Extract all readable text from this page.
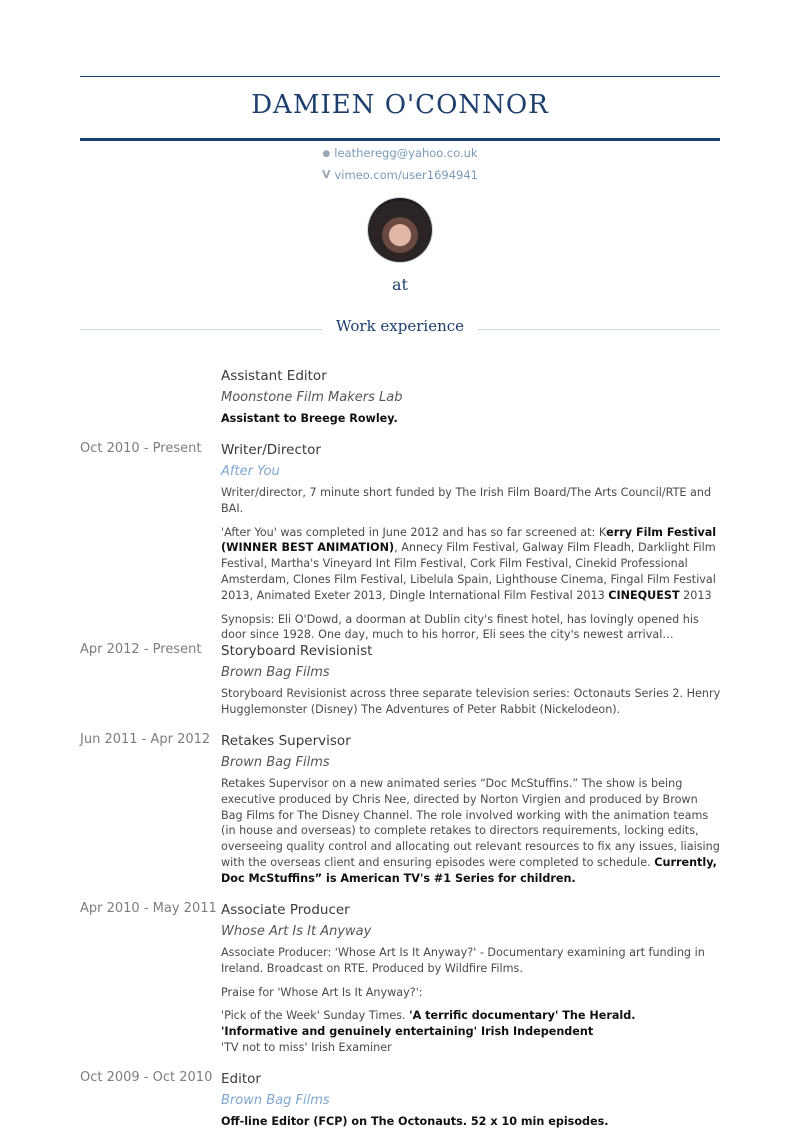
DAMIEN O'CONNOR
● leatheregg@yahoo.co.uk
V vimeo.com/user1694941
at
Work experience
Assistant Editor
Moonstone Film Makers Lab
Assistant to Breege Rowley.
Oct 2010 - Present	Writer/Director
After You
Writer/director, 7 minute short funded by The Irish Film Board/The Arts Council/RTE and BAI.
'After You' was completed in June 2012 and has so far screened at: Kerry Film Festival (WINNER BEST ANIMATION), Annecy Film Festival, Galway Film Fleadh, Darklight Film Festival, Martha's Vineyard Int Film Festival, Cork Film Festival, Cinekid Professional Amsterdam, Clones Film Festival, Libelula Spain, Lighthouse Cinema, Fingal Film Festival 2013, Animated Exeter 2013, Dingle International Film Festival 2013 CINEQUEST 2013
Synopsis: Eli O'Dowd, a doorman at Dublin city's finest hotel, has lovingly opened his door since 1928. One day, much to his horror, Eli sees the city's newest arrival…
Apr 2012 - Present	Storyboard Revisionist
Brown Bag Films
Storyboard Revisionist across three separate television series: Octonauts Series 2. Henry Hugglemonster (Disney) The Adventures of Peter Rabbit (Nickelodeon).
Jun 2011 - Apr 2012 Retakes Supervisor
Brown Bag Films
Retakes Supervisor on a new animated series “Doc McStuffins.” The show is being executive produced by Chris Nee, directed by Norton Virgien and produced by Brown Bag Films for The Disney Channel. The role involved working with the animation teams (in house and overseas) to complete retakes to directors requirements, locking edits, overseeing quality control and allocating out relevant resources to fix any issues, liaising with the overseas client and ensuring episodes were completed to schedule. Currently, Doc McStuffins” is American TV's #1 Series for children.
Apr 2010 - May 2011 Associate Producer
Whose Art Is It Anyway
Associate Producer: 'Whose Art Is It Anyway?' - Documentary examining art funding in Ireland. Broadcast on RTE. Produced by Wildfire Films.
Praise for 'Whose Art Is It Anyway?':
'Pick of the Week' Sunday Times. 'A terrific documentary' The Herald.
'Informative and genuinely entertaining' Irish Independent
'TV not to miss' Irish Examiner
Oct 2009 - Oct 2010 Editor
Brown Bag Films
Off-line Editor (FCP) on The Octonauts. 52 x 10 min episodes.
